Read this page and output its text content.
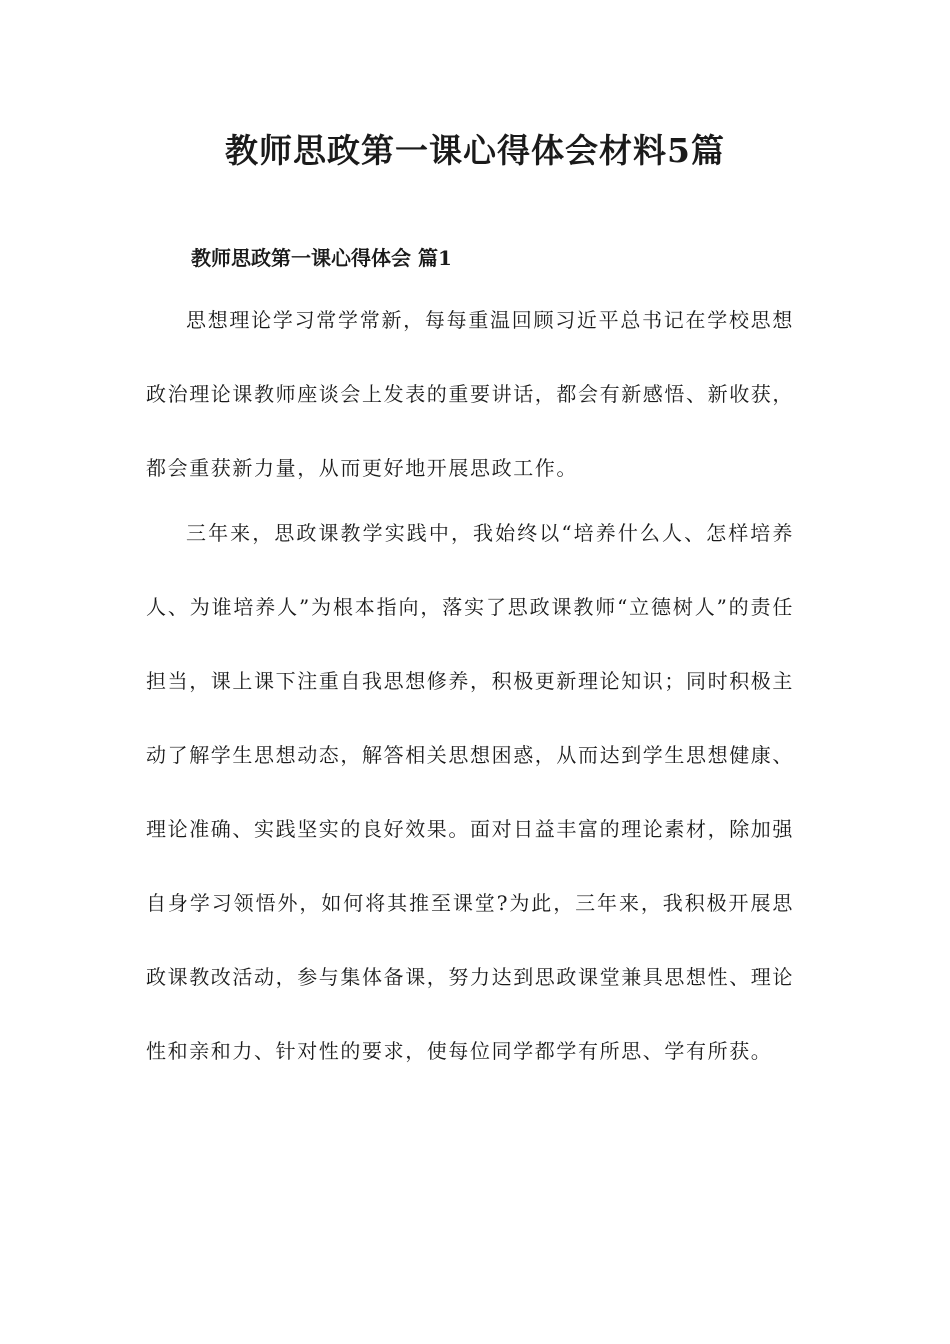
教师思政第一课心得体会材料5篇
教师思政第一课心得体会 篇1

思想理论学习常学常新，每每重温回顾习近平总书记在学校思想政治理论课教师座谈会上发表的重要讲话，都会有新感悟、新收获，都会重获新力量，从而更好地开展思政工作。

三年来，思政课教学实践中，我始终以“培养什么人、怎样培养人、为谁培养人”为根本指向，落实了思政课教师“立德树人”的责任担当，课上课下注重自我思想修养，积极更新理论知识；同时积极主动了解学生思想动态，解答相关思想困惑，从而达到学生思想健康、理论准确、实践坚实的良好效果。面对日益丰富的理论素材，除加强自身学习领悟外，如何将其推至课堂?为此，三年来，我积极开展思政课教改活动，参与集体备课，努力达到思政课堂兼具思想性、理论性和亲和力、针对性的要求，使每位同学都学有所思、学有所获。
